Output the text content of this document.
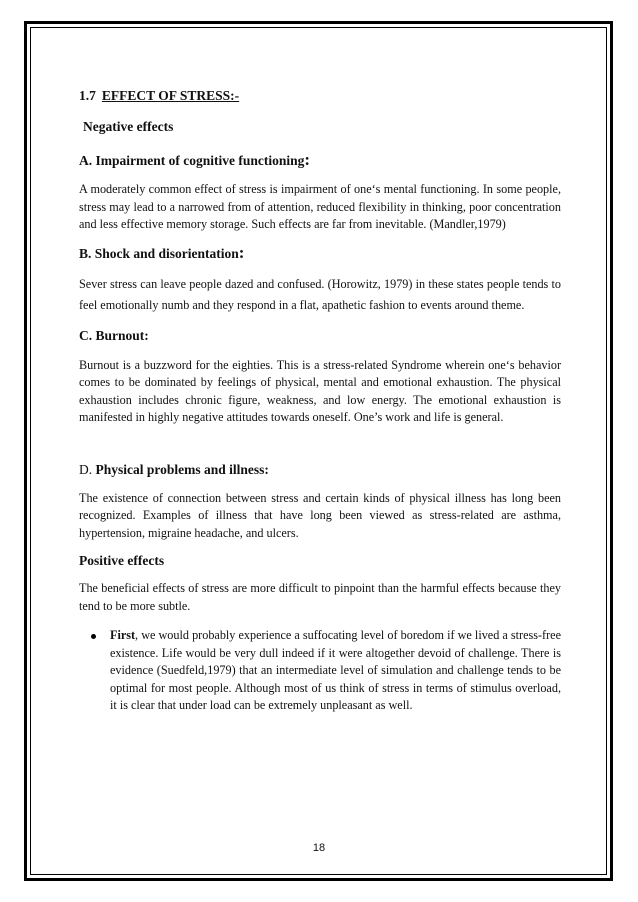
1.7 EFFECT OF STRESS:-

Negative effects

A. Impairment of cognitive functioning:

A moderately common effect of stress is impairment of one‘s mental functioning. In some people, stress may lead to a narrowed from of attention, reduced flexibility in thinking, poor concentration and less effective memory storage. Such effects are far from inevitable. (Mandler,1979)

B. Shock and disorientation:

Sever stress can leave people dazed and confused. (Horowitz, 1979) in these states people tends to feel emotionally numb and they respond in a flat, apathetic fashion to events around theme.

C. Burnout:

Burnout is a buzzword for the eighties. This is a stress-related Syndrome wherein one‘s behavior comes to be dominated by feelings of physical, mental and emotional exhaustion. The physical exhaustion includes chronic figure, weakness, and low energy. The emotional exhaustion is manifested in highly negative attitudes towards oneself. One’s work and life is general.

D. Physical problems and illness:

The existence of connection between stress and certain kinds of physical illness has long been recognized. Examples of illness that have long been viewed as stress-related are asthma, hypertension, migraine headache, and ulcers.

Positive effects

The beneficial effects of stress are more difficult to pinpoint than the harmful effects because they tend to be more subtle.

First, we would probably experience a suffocating level of boredom if we lived a stress-free existence. Life would be very dull indeed if it were altogether devoid of challenge. There is evidence (Suedfeld,1979) that an intermediate level of simulation and challenge tends to be optimal for most people. Although most of us think of stress in terms of stimulus overload, it is clear that under load can be extremely unpleasant as well.
18
